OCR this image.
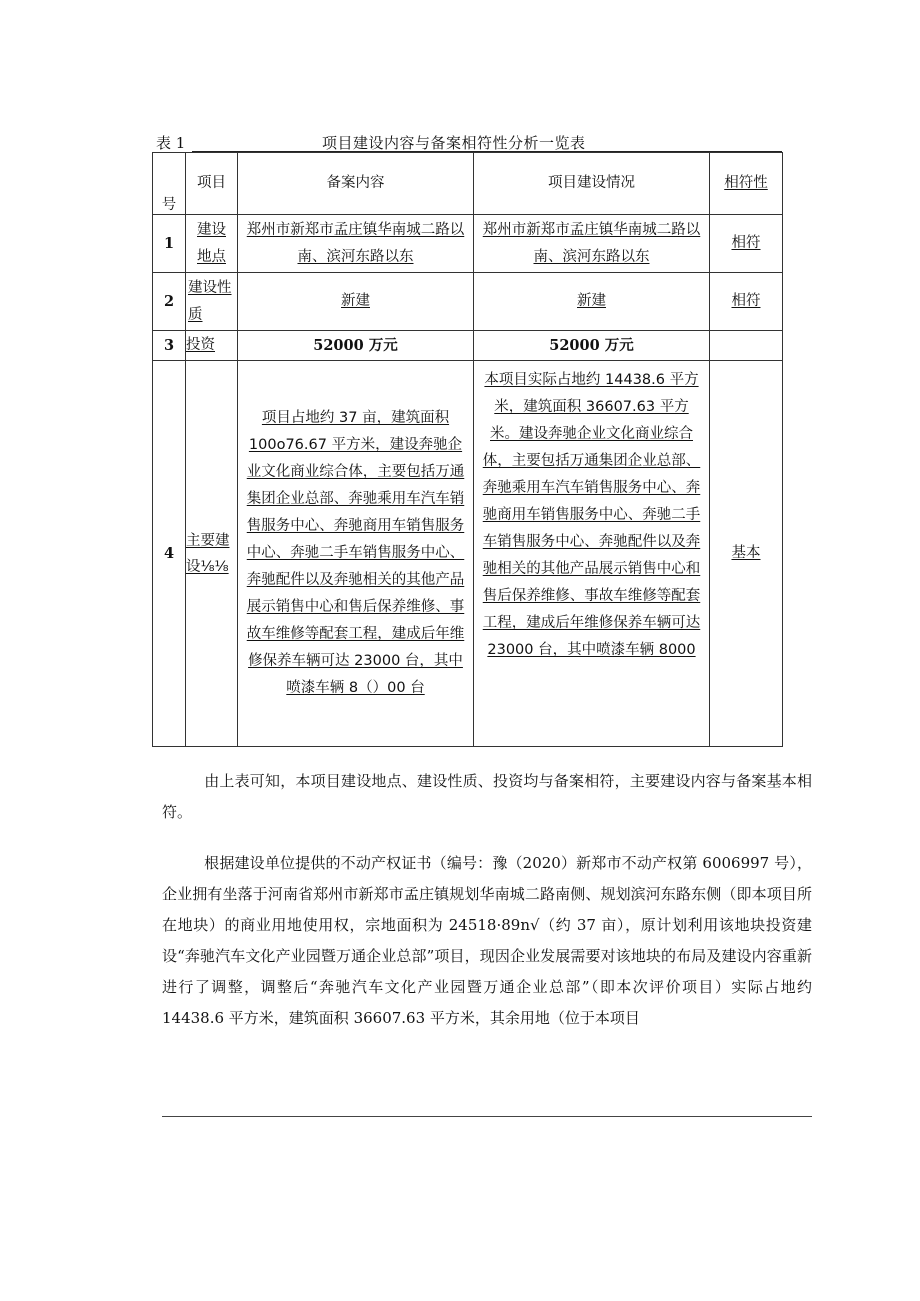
表 1	项目建设内容与备案相符性分析一览表
号	项目	备案内容	项目建设情况	相符性
1	建设地点	郑州市新郑市孟庄镇华南城二路以南、滨河东路以东	郑州市新郑市孟庄镇华南城二路以南、滨河东路以东	相符
2	建设性质	新建	新建	相符
3	投资	52000 万元	52000 万元	
4	主要建设⅛⅛	项目占地约 37 亩，建筑面积 100o76.67 平方米，建设奔驰企业文化商业综合体，主要包括万通集团企业总部、奔驰乘用车汽车销售服务中心、奔驰商用车销售服务中心、奔驰二手车销售服务中心、奔驰配件以及奔驰相关的其他产品展示销售中心和售后保养维修、事故车维修等配套工程，建成后年维修保养车辆可达 23000 台，其中喷漆车辆 8（）00 台	本项目实际占地约 14438.6 平方米，建筑面积 36607.63 平方米。建设奔驰企业文化商业综合体，主要包括万通集团企业总部、奔驰乘用车汽车销售服务中心、奔驰商用车销售服务中心、奔驰二手车销售服务中心、奔驰配件以及奔驰相关的其他产品展示销售中心和售后保养维修、事故车维修等配套工程，建成后年维修保养车辆可达 23000 台，其中喷漆车辆 8000	基本
由上表可知，本项目建设地点、建设性质、投资均与备案相符，主要建设内容与备案基本相符。
根据建设单位提供的不动产权证书（编号：豫（2020）新郑市不动产权第 6006997 号），企业拥有坐落于河南省郑州市新郑市孟庄镇规划华南城二路南侧、规划滨河东路东侧（即本项目所在地块）的商业用地使用权，宗地面积为 24518·89n√（约 37 亩），原计划利用该地块投资建设“奔驰汽车文化产业园暨万通企业总部”项目，现因企业发展需要对该地块的布局及建设内容重新进行了调整，调整后“奔驰汽车文化产业园暨万通企业总部”（即本次评价项目）实际占地约 14438.6 平方米，建筑面积 36607.63 平方米，其余用地（位于本项目
